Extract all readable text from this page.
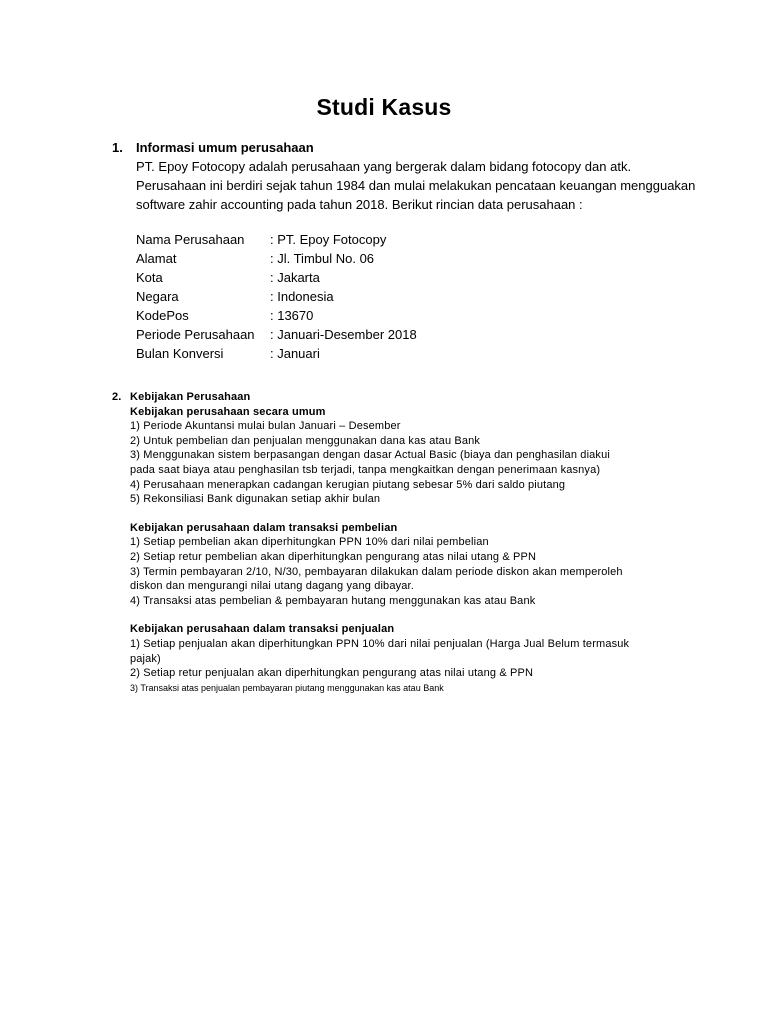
Studi Kasus
1. Informasi umum perusahaan
PT. Epoy Fotocopy adalah perusahaan yang bergerak dalam bidang fotocopy dan atk.
Perusahaan ini berdiri sejak tahun 1984 dan mulai melakukan pencataan keuangan mengguakan
software zahir accounting pada tahun 2018. Berikut rincian data perusahaan :
Nama Perusahaan	: PT. Epoy Fotocopy
Alamat	: Jl. Timbul No. 06
Kota	: Jakarta
Negara	: Indonesia
KodePos	: 13670
Periode Perusahaan	: Januari-Desember 2018
Bulan Konversi	: Januari
2. Kebijakan Perusahaan
Kebijakan perusahaan secara umum
1) Periode Akuntansi mulai bulan Januari – Desember
2) Untuk pembelian dan penjualan menggunakan dana kas atau Bank
3) Menggunakan sistem berpasangan dengan dasar Actual Basic (biaya dan penghasilan diakui
pada saat biaya atau penghasilan tsb terjadi, tanpa mengkaitkan dengan penerimaan kasnya)
4) Perusahaan menerapkan cadangan kerugian piutang sebesar 5% dari saldo piutang
5) Rekonsiliasi Bank digunakan setiap akhir bulan
Kebijakan perusahaan dalam transaksi pembelian
1) Setiap pembelian akan diperhitungkan PPN 10% dari nilai pembelian
2) Setiap retur pembelian akan diperhitungkan pengurang atas nilai utang & PPN
3) Termin pembayaran 2/10, N/30, pembayaran dilakukan dalam periode diskon akan memperoleh
diskon dan mengurangi nilai utang dagang yang dibayar.
4) Transaksi atas pembelian & pembayaran hutang menggunakan kas atau Bank
Kebijakan perusahaan dalam transaksi penjualan
1) Setiap penjualan akan diperhitungkan PPN 10% dari nilai penjualan (Harga Jual Belum termasuk
pajak)
2) Setiap retur penjualan akan diperhitungkan pengurang atas nilai utang & PPN
3) Transaksi atas penjualan pembayaran piutang menggunakan kas atau Bank
